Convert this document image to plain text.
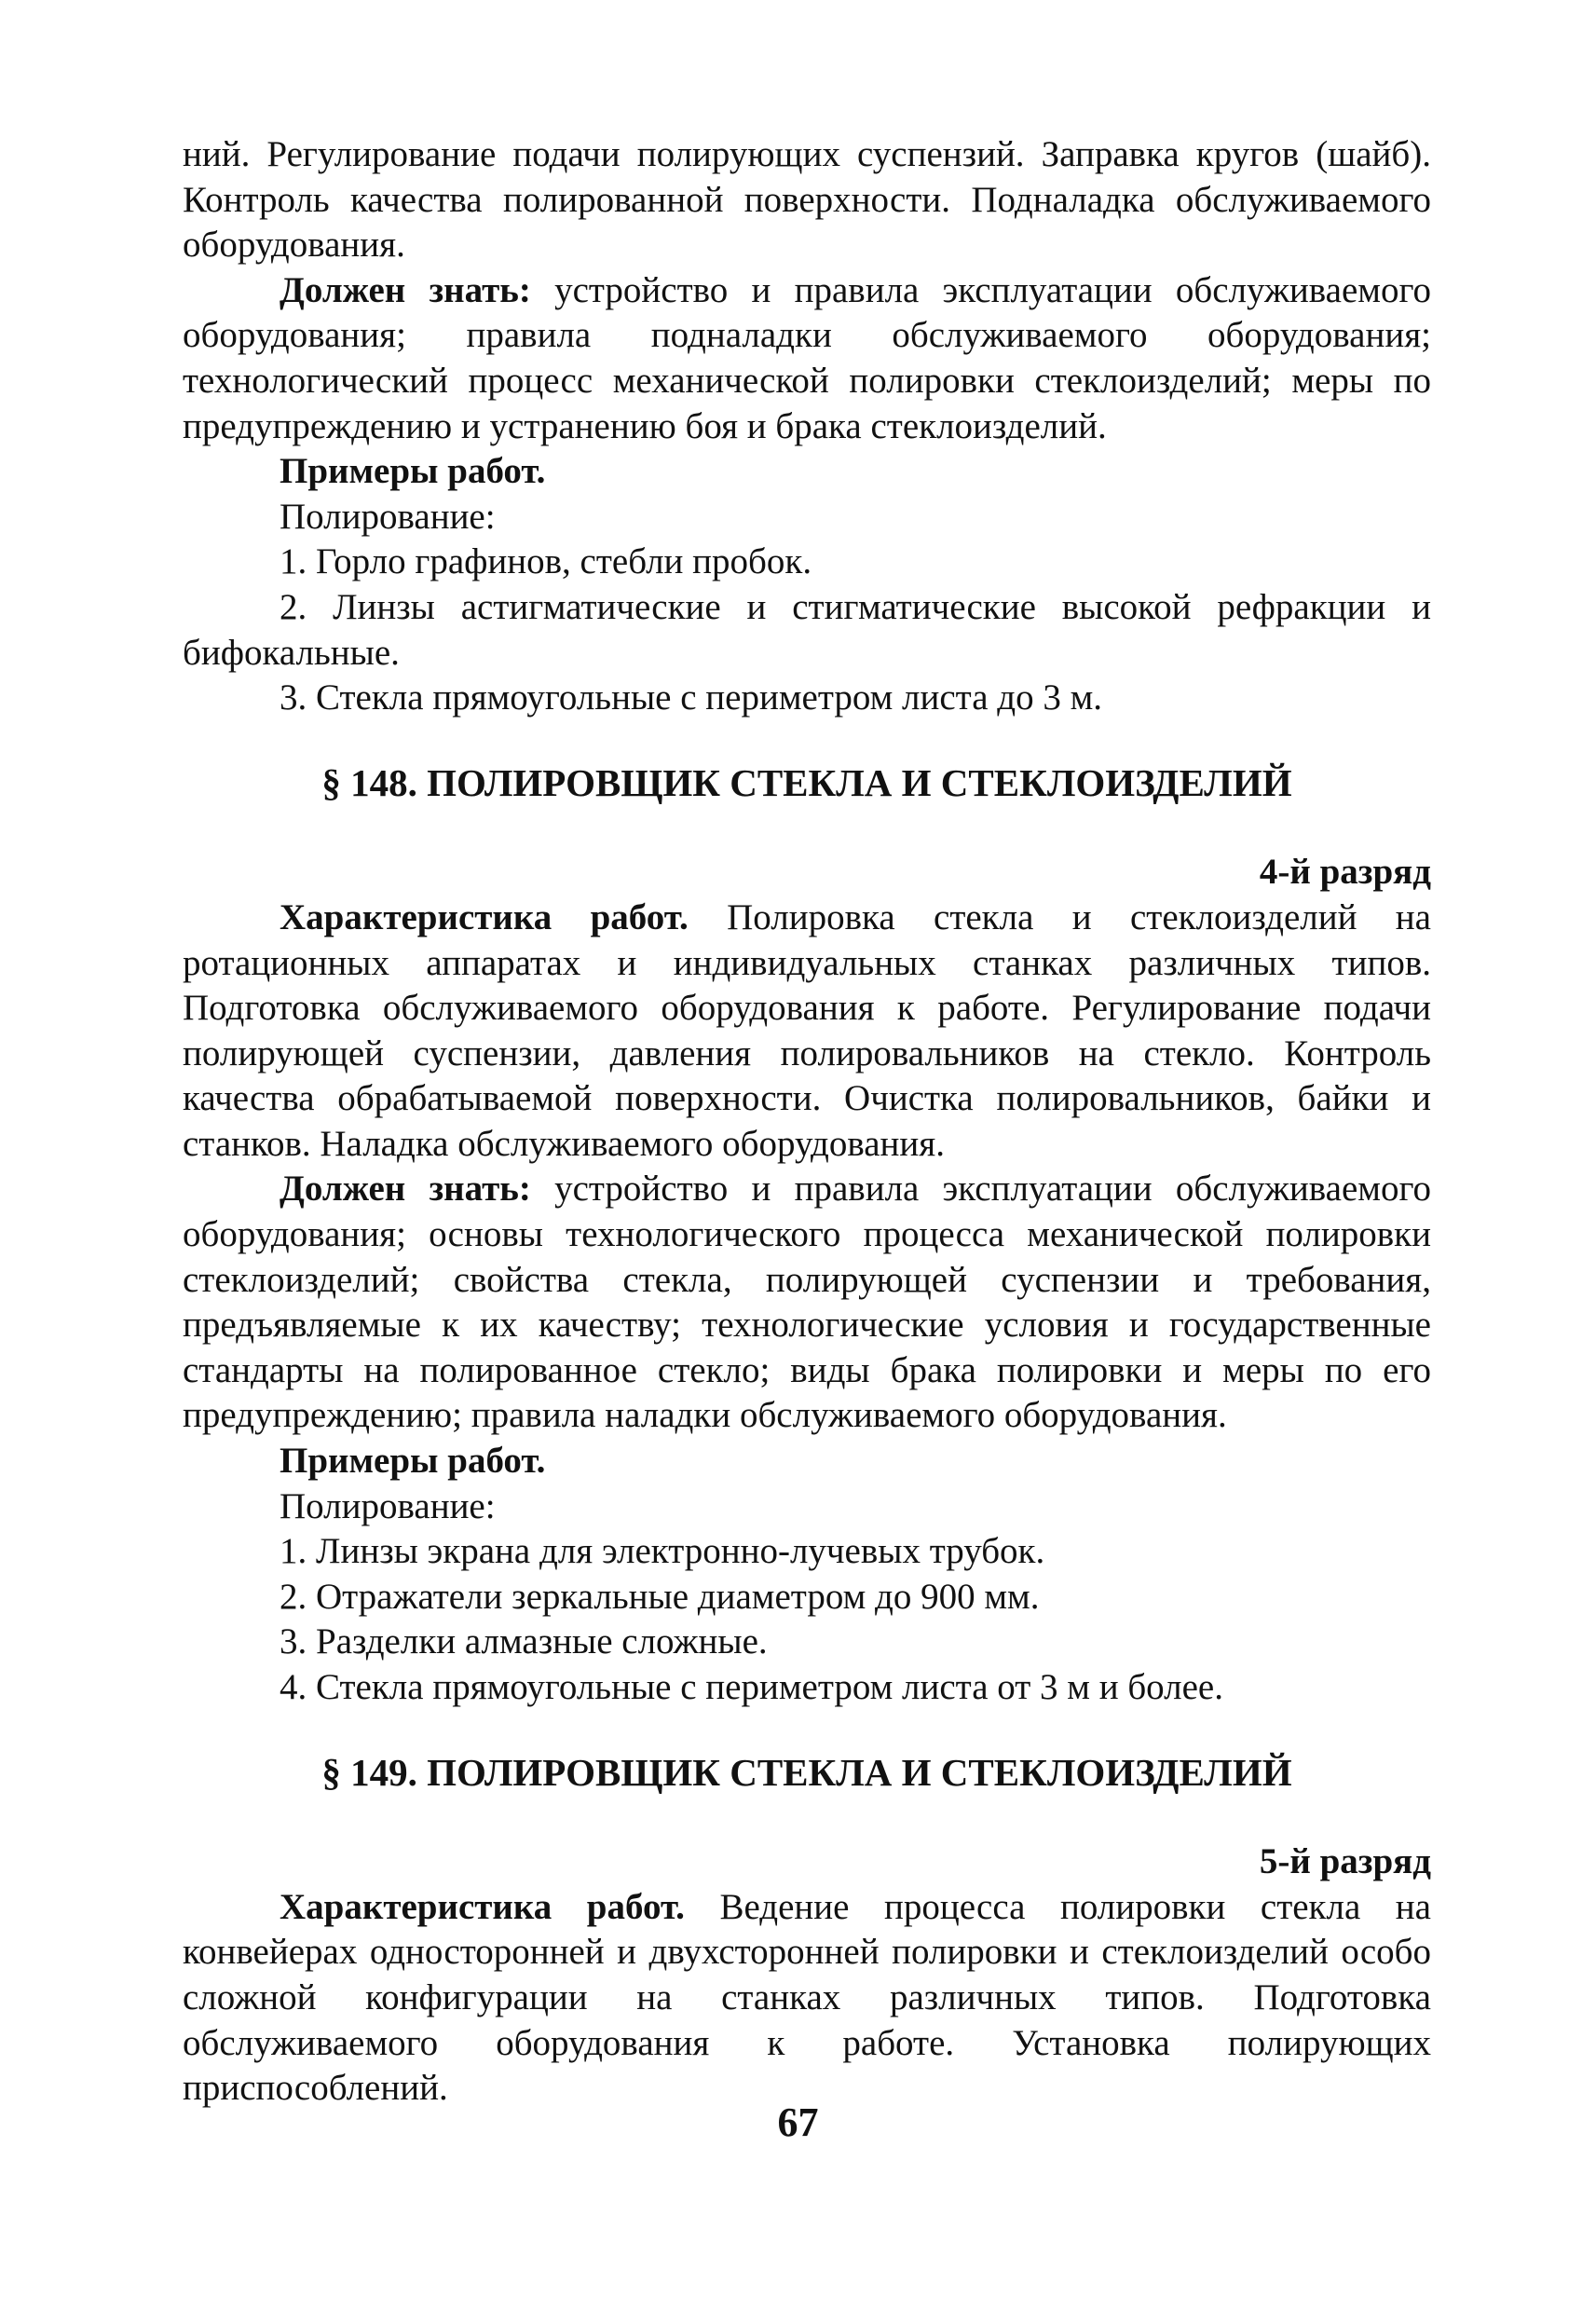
ний. Регулирование подачи полирующих суспензий. Заправка кругов (шайб). Контроль качества полированной поверхности. Подналадка обслуживаемого оборудования.

Должен знать: устройство и правила эксплуатации обслуживаемого оборудования; правила подналадки обслуживаемого оборудования; технологический процесс механической полировки стеклоизделий; меры по предупреждению и устранению боя и брака стеклоизделий.

Примеры работ.

Полирование:

1. Горло графинов, стебли пробок.

2. Линзы астигматические и стигматические высокой рефракции и бифокальные.

3. Стекла прямоугольные с периметром листа до 3 м.

§ 148. ПОЛИРОВЩИК СТЕКЛА И СТЕКЛОИЗДЕЛИЙ

4-й разряд

Характеристика работ. Полировка стекла и стеклоизделий на ротационных аппаратах и индивидуальных станках различных типов. Подготовка обслуживаемого оборудования к работе. Регулирование подачи полирующей суспензии, давления полировальников на стекло. Контроль качества обрабатываемой поверхности. Очистка полировальников, байки и станков. Наладка обслуживаемого оборудования.

Должен знать: устройство и правила эксплуатации обслуживаемого оборудования; основы технологического процесса механической полировки стеклоизделий; свойства стекла, полирующей суспензии и требования, предъявляемые к их качеству; технологические условия и государственные стандарты на полированное стекло; виды брака полировки и меры по его предупреждению; правила наладки обслуживаемого оборудования.

Примеры работ.

Полирование:

1. Линзы экрана для электронно-лучевых трубок.

2. Отражатели зеркальные диаметром до 900 мм.

3. Разделки алмазные сложные.

4. Стекла прямоугольные с периметром листа от 3 м и более.

§ 149. ПОЛИРОВЩИК СТЕКЛА И СТЕКЛОИЗДЕЛИЙ

5-й разряд

Характеристика работ. Ведение процесса полировки стекла на конвейерах односторонней и двухсторонней полировки и стеклоизделий особо сложной конфигурации на станках различных типов. Подготовка обслуживаемого оборудования к работе. Установка полирующих приспособлений.

67
